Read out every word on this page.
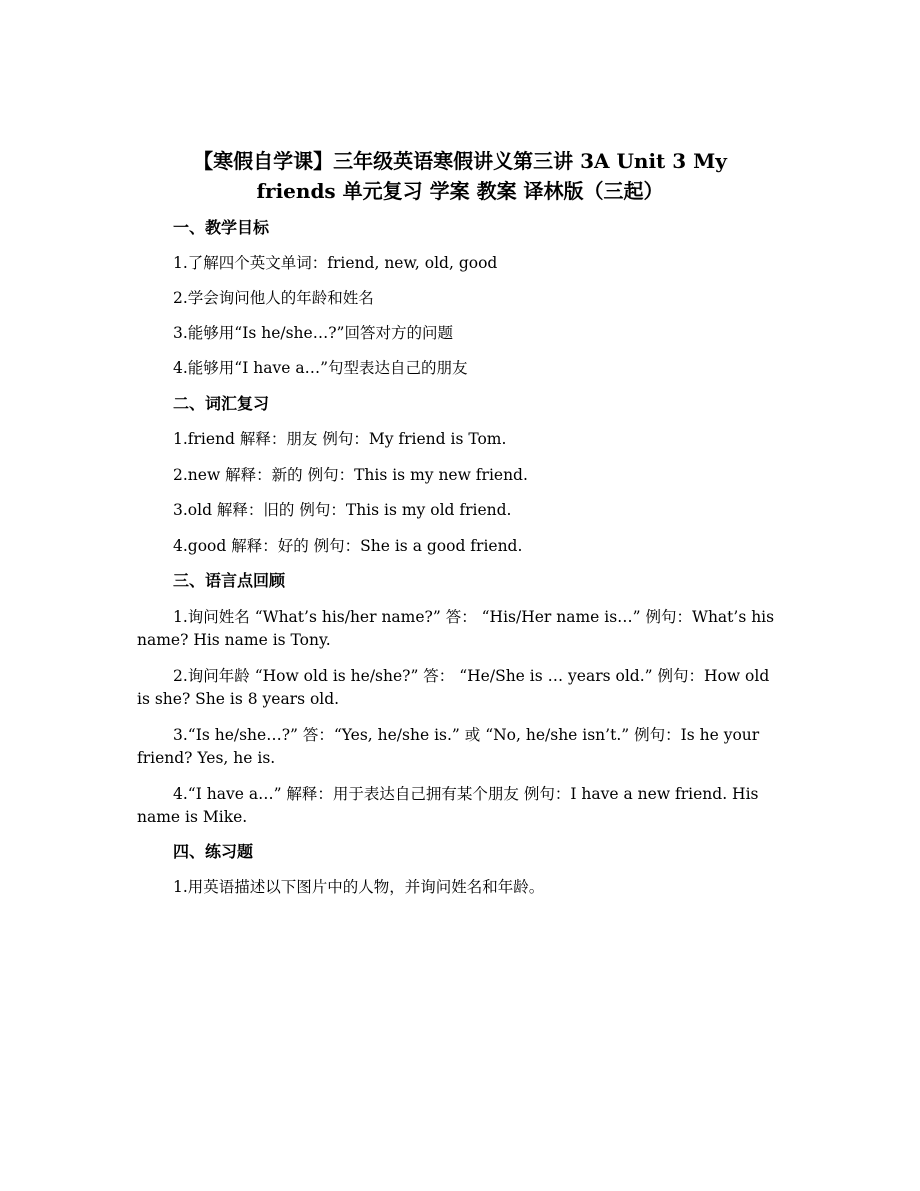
【寒假自学课】三年级英语寒假讲义第三讲 3A Unit 3 My
friends 单元复习 学案 教案 译林版（三起）
一、教学目标
1.了解四个英文单词：friend, new, old, good
2.学会询问他人的年龄和姓名
3.能够用“Is he/she…?”回答对方的问题
4.能够用“I have a…”句型表达自己的朋友
二、词汇复习
1.friend 解释：朋友 例句：My friend is Tom.
2.new 解释：新的 例句：This is my new friend.
3.old 解释：旧的 例句：This is my old friend.
4.good 解释：好的 例句：She is a good friend.
三、语言点回顾
1.询问姓名 “What’s his/her name?” 答： “His/Her name is…” 例句：What’s his name? His name is Tony.
2.询问年龄 “How old is he/she?” 答： “He/She is … years old.” 例句：How old is she? She is 8 years old.
3.“Is he/she…?” 答：“Yes, he/she is.” 或 “No, he/she isn’t.” 例句：Is he your friend? Yes, he is.
4.“I have a…” 解释：用于表达自己拥有某个朋友 例句：I have a new friend. His name is Mike.
四、练习题
1.用英语描述以下图片中的人物，并询问姓名和年龄。
